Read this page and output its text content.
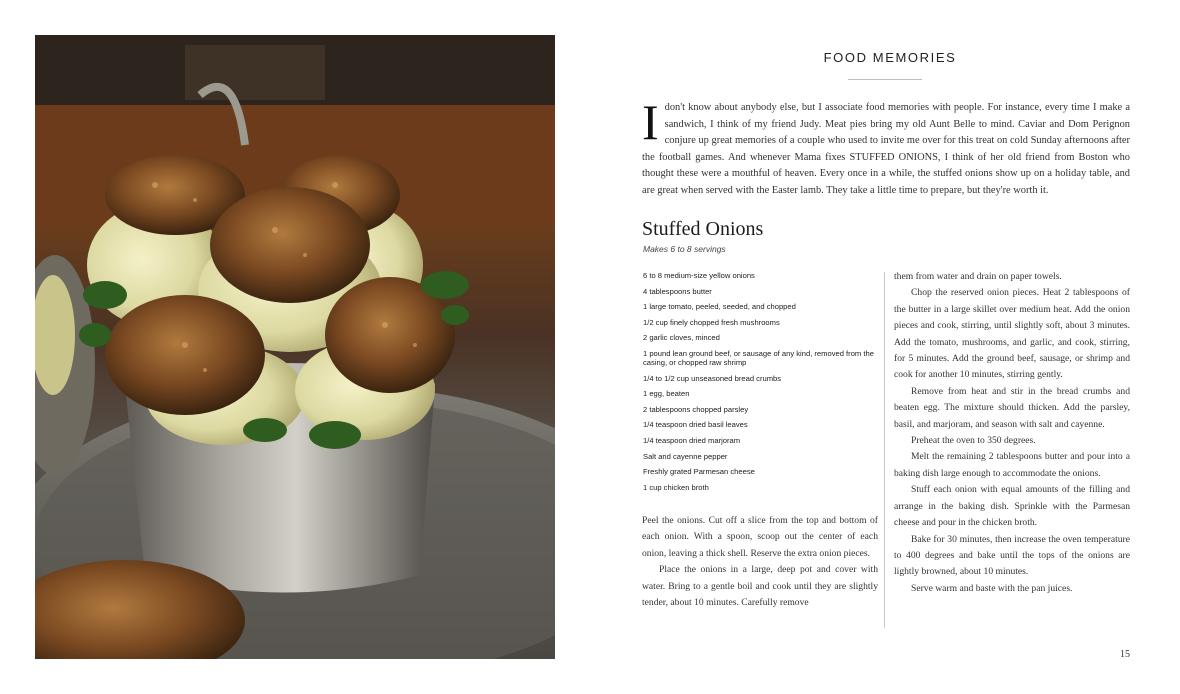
FOOD MEMORIES
I don't know about anybody else, but I associate food memories with people. For instance, every time I make a sandwich, I think of my friend Judy. Meat pies bring my old Aunt Belle to mind. Caviar and Dom Perignon conjure up great memories of a couple who used to invite me over for this treat on cold Sunday afternoons after the football games. And whenever Mama fixes STUFFED ONIONS, I think of her old friend from Boston who thought these were a mouthful of heaven. Every once in a while, the stuffed onions show up on a holiday table, and are great when served with the Easter lamb. They take a little time to prepare, but they're worth it.
Stuffed Onions
Makes 6 to 8 servings
6 to 8 medium-size yellow onions
4 tablespoons butter
1 large tomato, peeled, seeded, and chopped
1/2 cup finely chopped fresh mushrooms
2 garlic cloves, minced
1 pound lean ground beef, or sausage of any kind, removed from the casing, or chopped raw shrimp
1/4 to 1/2 cup unseasoned bread crumbs
1 egg, beaten
2 tablespoons chopped parsley
1/4 teaspoon dried basil leaves
1/4 teaspoon dried marjoram
Salt and cayenne pepper
Freshly grated Parmesan cheese
1 cup chicken broth

Peel the onions. Cut off a slice from the top and bottom of each onion. With a spoon, scoop out the center of each onion, leaving a thick shell. Reserve the extra onion pieces.

Place the onions in a large, deep pot and cover with water. Bring to a gentle boil and cook until they are slightly tender, about 10 minutes. Carefully remove

them from water and drain on paper towels.

Chop the reserved onion pieces. Heat 2 tablespoons of the butter in a large skillet over medium heat. Add the onion pieces and cook, stirring, until slightly soft, about 3 minutes. Add the tomato, mushrooms, and garlic, and cook, stirring, for 5 minutes. Add the ground beef, sausage, or shrimp and cook for another 10 minutes, stirring gently.

Remove from heat and stir in the bread crumbs and beaten egg. The mixture should thicken. Add the parsley, basil, and marjoram, and season with salt and cayenne.

Preheat the oven to 350 degrees.

Melt the remaining 2 tablespoons butter and pour into a baking dish large enough to accommodate the onions.

Stuff each onion with equal amounts of the filling and arrange in the baking dish. Sprinkle with the Parmesan cheese and pour in the chicken broth.

Bake for 30 minutes, then increase the oven temperature to 400 degrees and bake until the tops of the onions are lightly browned, about 10 minutes.

Serve warm and baste with the pan juices.

15
